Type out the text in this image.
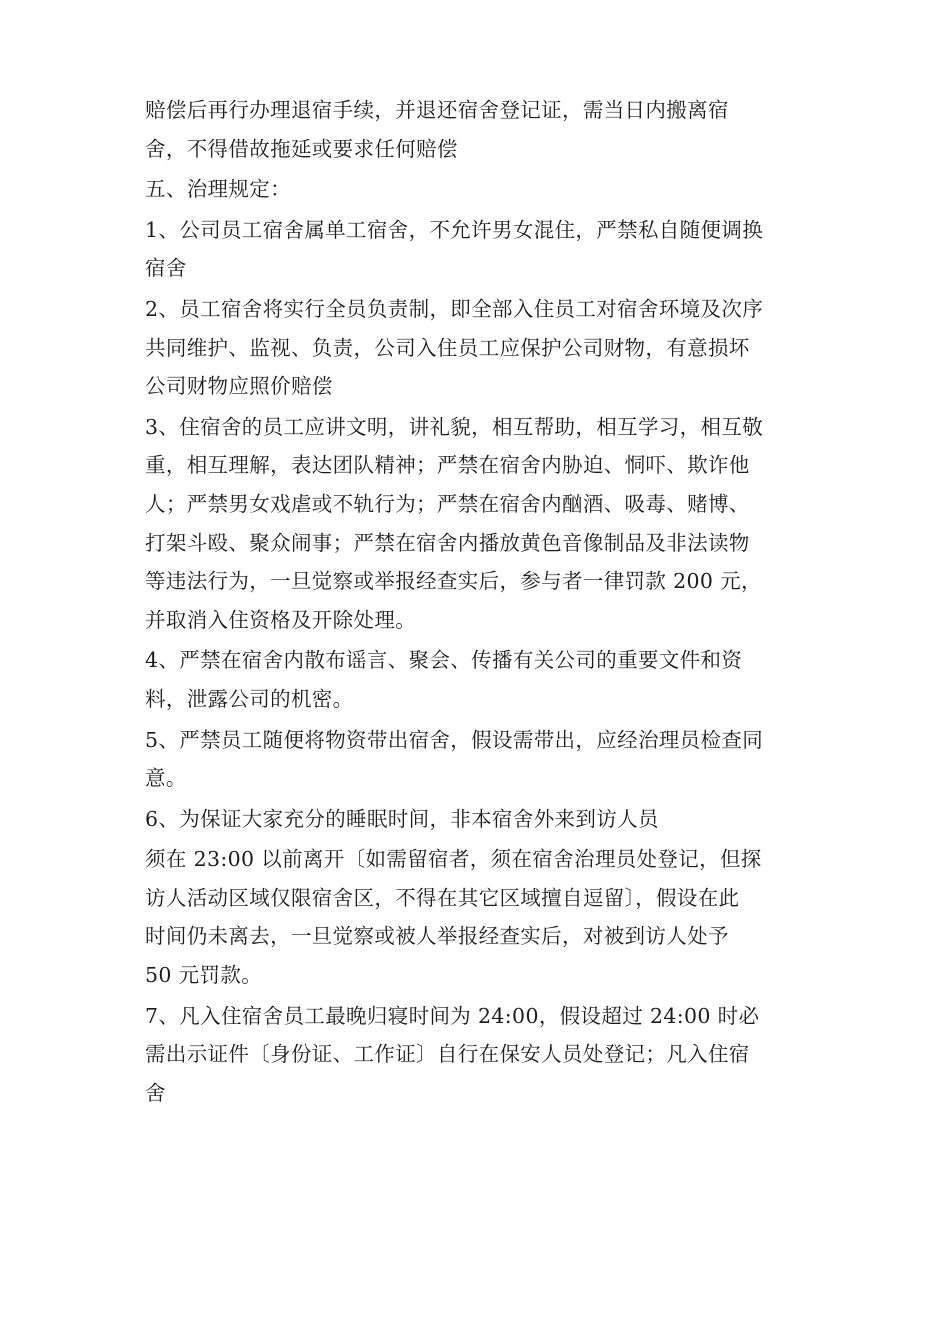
赔偿后再行办理退宿手续，并退还宿舍登记证，需当日内搬离宿
舍，不得借故拖延或要求任何赔偿
五、治理规定：
1、公司员工宿舍属单工宿舍，不允许男女混住，严禁私自随便调换
宿舍
2、员工宿舍将实行全员负责制，即全部入住员工对宿舍环境及次序
共同维护、监视、负责，公司入住员工应保护公司财物，有意损坏
公司财物应照价赔偿
3、住宿舍的员工应讲文明，讲礼貌，相互帮助，相互学习，相互敬
重，相互理解，表达团队精神；严禁在宿舍内胁迫、恫吓、欺诈他
人；严禁男女戏虐或不轨行为；严禁在宿舍内酗酒、吸毒、赌博、
打架斗殴、聚众闹事；严禁在宿舍内播放黄色音像制品及非法读物
等违法行为，一旦觉察或举报经查实后，参与者一律罚款 200 元，
并取消入住资格及开除处理。
4、严禁在宿舍内散布谣言、聚会、传播有关公司的重要文件和资
料，泄露公司的机密。
5、严禁员工随便将物资带出宿舍，假设需带出，应经治理员检查同
意。
6、为保证大家充分的睡眠时间，非本宿舍外来到访人员
须在 23:00 以前离开〔如需留宿者，须在宿舍治理员处登记，但探
访人活动区域仅限宿舍区，不得在其它区域擅自逗留〕，假设在此
时间仍未离去，一旦觉察或被人举报经查实后，对被到访人处予
50 元罚款。
7、凡入住宿舍员工最晚归寝时间为 24:00，假设超过 24:00 时必
需出示证件〔身份证、工作证〕自行在保安人员处登记；凡入住宿
舍
